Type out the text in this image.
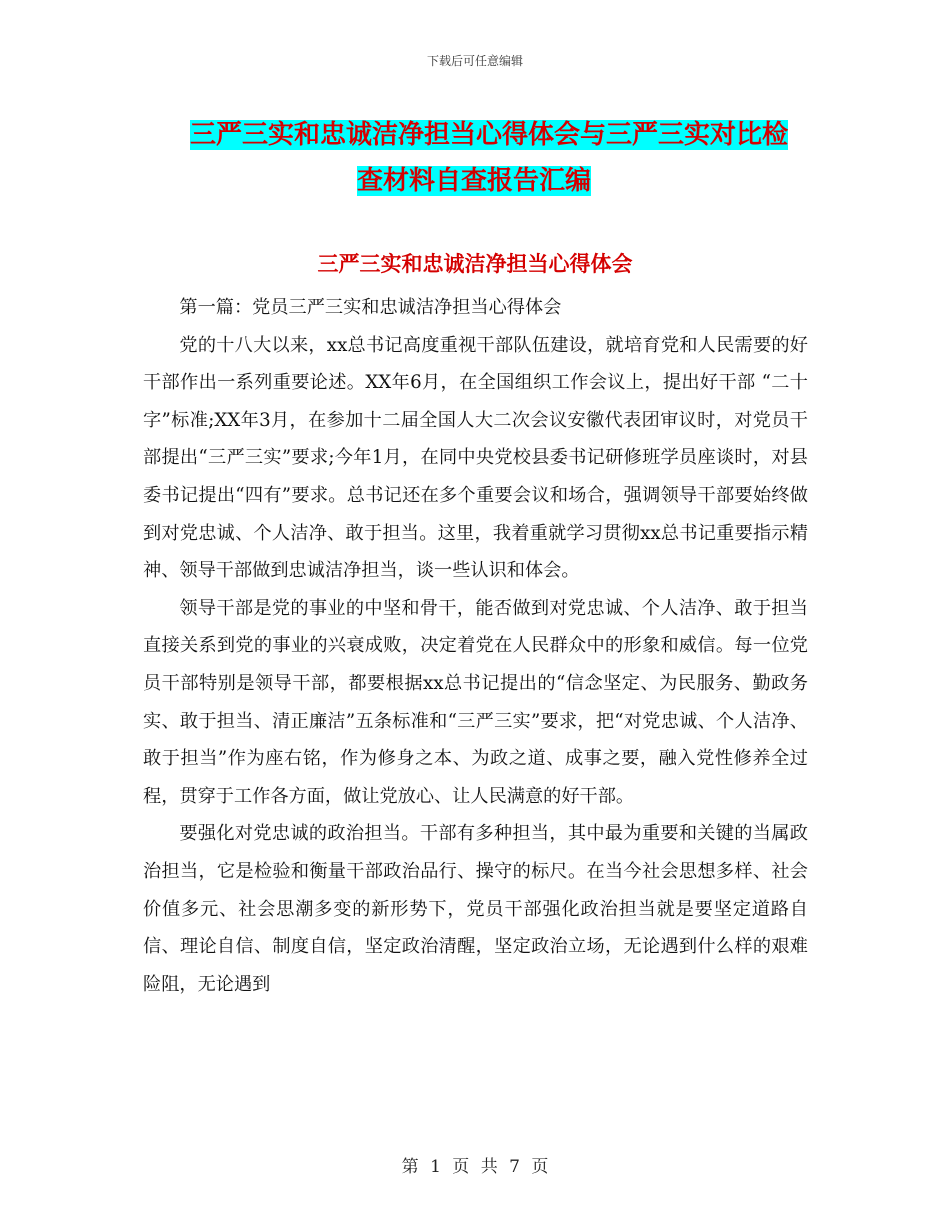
下载后可任意编辑
三严三实和忠诚洁净担当心得体会与三严三实对比检
查材料自查报告汇编
三严三实和忠诚洁净担当心得体会

第一篇：党员三严三实和忠诚洁净担当心得体会

党的十八大以来，xx总书记高度重视干部队伍建设，就培育党和人民需要的好干部作出一系列重要论述。XX年6月，在全国组织工作会议上，提出好干部 “二十字”标准;XX年3月，在参加十二届全国人大二次会议安徽代表团审议时，对党员干部提出“三严三实”要求;今年1月，在同中央党校县委书记研修班学员座谈时，对县委书记提出“四有”要求。总书记还在多个重要会议和场合，强调领导干部要始终做到对党忠诚、个人洁净、敢于担当。这里，我着重就学习贯彻xx总书记重要指示精神、领导干部做到忠诚洁净担当，谈一些认识和体会。

领导干部是党的事业的中坚和骨干，能否做到对党忠诚、个人洁净、敢于担当直接关系到党的事业的兴衰成败，决定着党在人民群众中的形象和威信。每一位党员干部特别是领导干部，都要根据xx总书记提出的“信念坚定、为民服务、勤政务实、敢于担当、清正廉洁”五条标准和“三严三实”要求，把“对党忠诚、个人洁净、敢于担当”作为座右铭，作为修身之本、为政之道、成事之要，融入党性修养全过程，贯穿于工作各方面，做让党放心、让人民满意的好干部。

要强化对党忠诚的政治担当。干部有多种担当，其中最为重要和关键的当属政治担当，它是检验和衡量干部政治品行、操守的标尺。在当今社会思想多样、社会价值多元、社会思潮多变的新形势下，党员干部强化政治担当就是要坚定道路自信、理论自信、制度自信，坚定政治清醒，坚定政治立场，无论遇到什么样的艰难险阻，无论遇到

第 1 页 共 7 页
